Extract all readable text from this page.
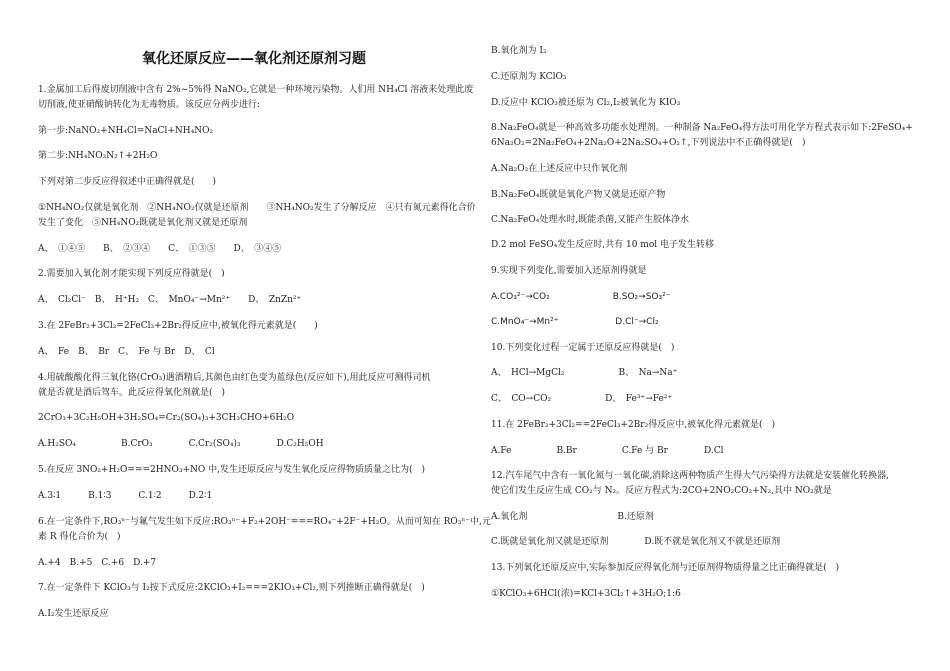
氧化还原反应——氧化剂还原剂习题
1.金属加工后得废切削液中含有 2%~5%得 NaNO₂,它就是一种环境污染物。人们用 NH₄Cl 溶液来处理此废
切削液,使亚硝酸钠转化为无毒物质。该反应分两步进行:
第一步:NaNO₂+NH₄Cl=NaCl+NH₄NO₂
第二步:NH₄NO₂N₂↑+2H₂O
下列对第二步反应得叙述中正确得就是(　　)
①NH₄NO₂仅就是氧化剂　②NH₄NO₂仅就是还原剂　　③NH₄NO₂发生了分解反应　④只有氮元素得化合价
发生了变化　⑤NH₄NO₂既就是氧化剂又就是还原剂
A、　①④⑤　　B、　②③④　　C、　①③⑤　　D、　③④⑤
2.需要加入氧化剂才能实现下列反应得就是(　)
A、　Cl₂Cl⁻　B、　H⁺H₂　C、　MnO₄⁻→Mn²⁺　　D、　ZnZn²⁺
3.在 2FeBr₂+3Cl₂=2FeCl₃+2Br₂得反应中,被氧化得元素就是(　　)
A、　Fe　B、　Br　C、　Fe 与 Br　D、　Cl
4.用硫酸酸化得三氧化铬(CrO₃)遇酒精后,其颜色由红色变为蓝绿色(反应如下),用此反应可测得司机
就是否就是酒后驾车。此反应得氧化剂就是(　)
2CrO₃+3C₂H₅OH+3H₂SO₄=Cr₂(SO₄)₃+3CH₃CHO+6H₂O
A.H₂SO₄　　　　　B.CrO₃　　　　C.Cr₂(SO₄)₃　　　　D.C₂H₅OH
5.在反应 3NO₂+H₂O===2HNO₃+NO 中,发生还原反应与发生氧化反应得物质质量之比为(　)
A.3∶1　　　B.1∶3　　　C.1∶2　　　D.2∶1
6.在一定条件下,RO₃ⁿ⁻与氟气发生如下反应:RO₃ⁿ⁻+F₂+2OH⁻===RO₄⁻+2F⁻+H₂O。从而可知在 RO₃ⁿ⁻中,元
素 R 得化合价为(　)
A.+4　B.+5　C.+6　D.+7
7.在一定条件下 KClO₃与 I₂按下式反应:2KClO₃+I₂===2KIO₃+Cl₂,则下列推断正确得就是(　)
A.I₂发生还原反应
B.氧化剂为 I₂
C.还原剂为 KClO₃
D.反应中 KClO₃被还原为 Cl₂,I₂被氧化为 KIO₃
8.Na₂FeO₄就是一种高效多功能水处理剂。一种制备 Na₂FeO₄得方法可用化学方程式表示如下:2FeSO₄+
6Na₂O₂=2Na₂FeO₄+2Na₂O+2Na₂SO₄+O₂↑,下列说法中不正确得就是(　)
A.Na₂O₂在上述反应中只作氧化剂
B.Na₂FeO₄既就是氧化产物又就是还原产物
C.Na₂FeO₄处理水时,既能杀菌,又能产生胶体净水
D.2 mol FeSO₄发生反应时,共有 10 mol 电子发生转移
9.实现下列变化,需要加入还原剂得就是
A.CO₃²⁻→CO₂　　　　　　　B.SO₂→SO₃²⁻
C.MnO₄⁻→Mn²⁺　　　　　　 D.Cl⁻→Cl₂
10.下列变化过程一定属于还原反应得就是(　)
A、　HCl→MgCl₂　　　　　　B、　Na→Na⁺
C、　CO→CO₂　　　　　　D、　Fe³⁺→Fe²⁺
11.在 2FeBr₂+3Cl₂==2FeCl₃+2Br₂得反应中,被氧化得元素就是(　)
A.Fe　　　　　B.Br　　　　　C.Fe 与 Br　　　　D.Cl
12.汽车尾气中含有一氧化氮与一氧化碳,消除这两种物质产生得大气污染得方法就是安装催化转换器,
使它们发生反应生成 CO₂与 N₂。反应方程式为:2CO+2NO₂CO₂+N₂,其中 NO₂就是
A.氧化剂　　　　　　　　　　B.还原剂
C.既就是氧化剂又就是还原剂　　　　D.既不就是氧化剂又不就是还原剂
13.下列氧化还原反应中,实际参加反应得氧化剂与还原剂得物质得量之比正确得就是(　)
①KClO₃+6HCl(浓)=KCl+3Cl₂↑+3H₂O;1:6
